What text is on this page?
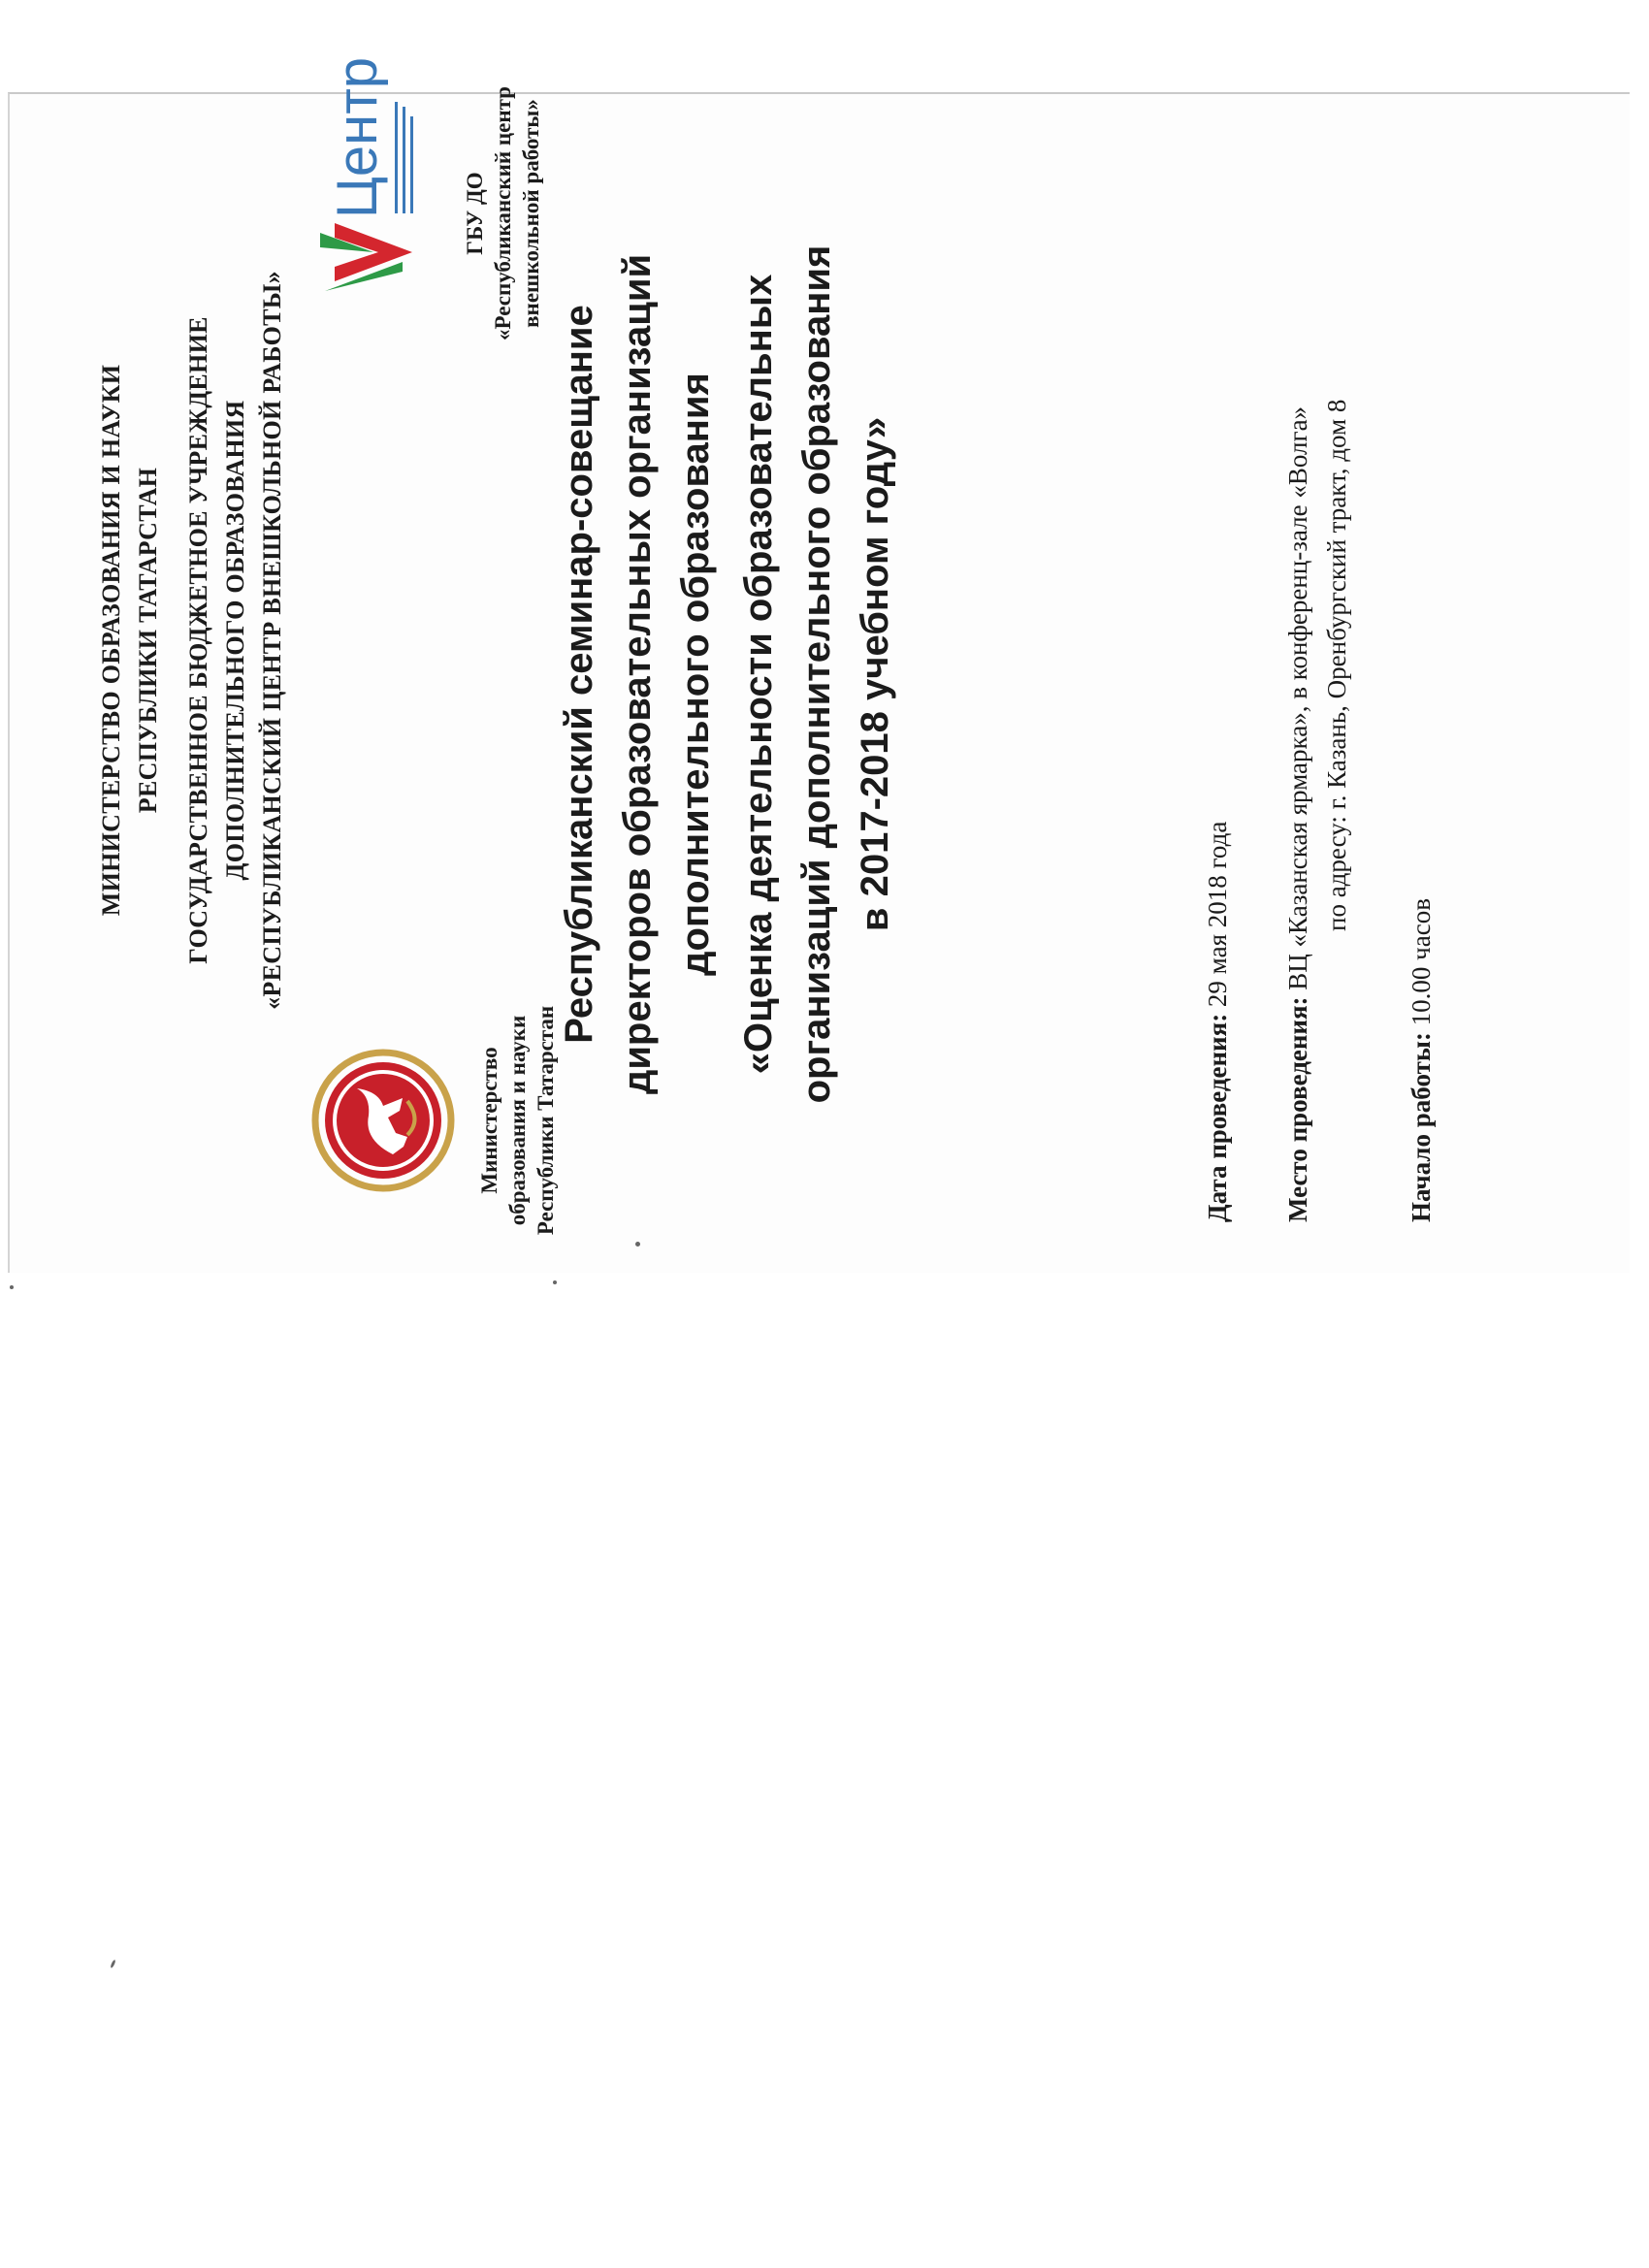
МИНИСТЕРСТВО ОБРАЗОВАНИЯ И НАУКИ РЕСПУБЛИКИ ТАТАРСТАН ГОСУДАРСТВЕННОЕ БЮДЖЕТНОЕ УЧРЕЖДЕНИЕ ДОПОЛНИТЕЛЬНОГО ОБРАЗОВАНИЯ «РЕСПУБЛИКАНСКИЙ ЦЕНТР ВНЕШКОЛЬНОЙ РАБОТЫ»
Министерство образования и науки Республики Татарстан
Центр	ГБУ ДО «Республиканский центр внешкольной работы»
Республиканский семинар-совещание директоров образовательных организаций дополнительного образования «Оценка деятельности образовательных организаций дополнительного образования в 2017-2018 учебном году»
Дата проведения: 29 мая 2018 года
Место проведения: ВЦ «Казанская ярмарка», в конференц-зале «Волга» по адресу: г. Казань, Оренбургский тракт, дом 8
Начало работы: 10.00 часов
